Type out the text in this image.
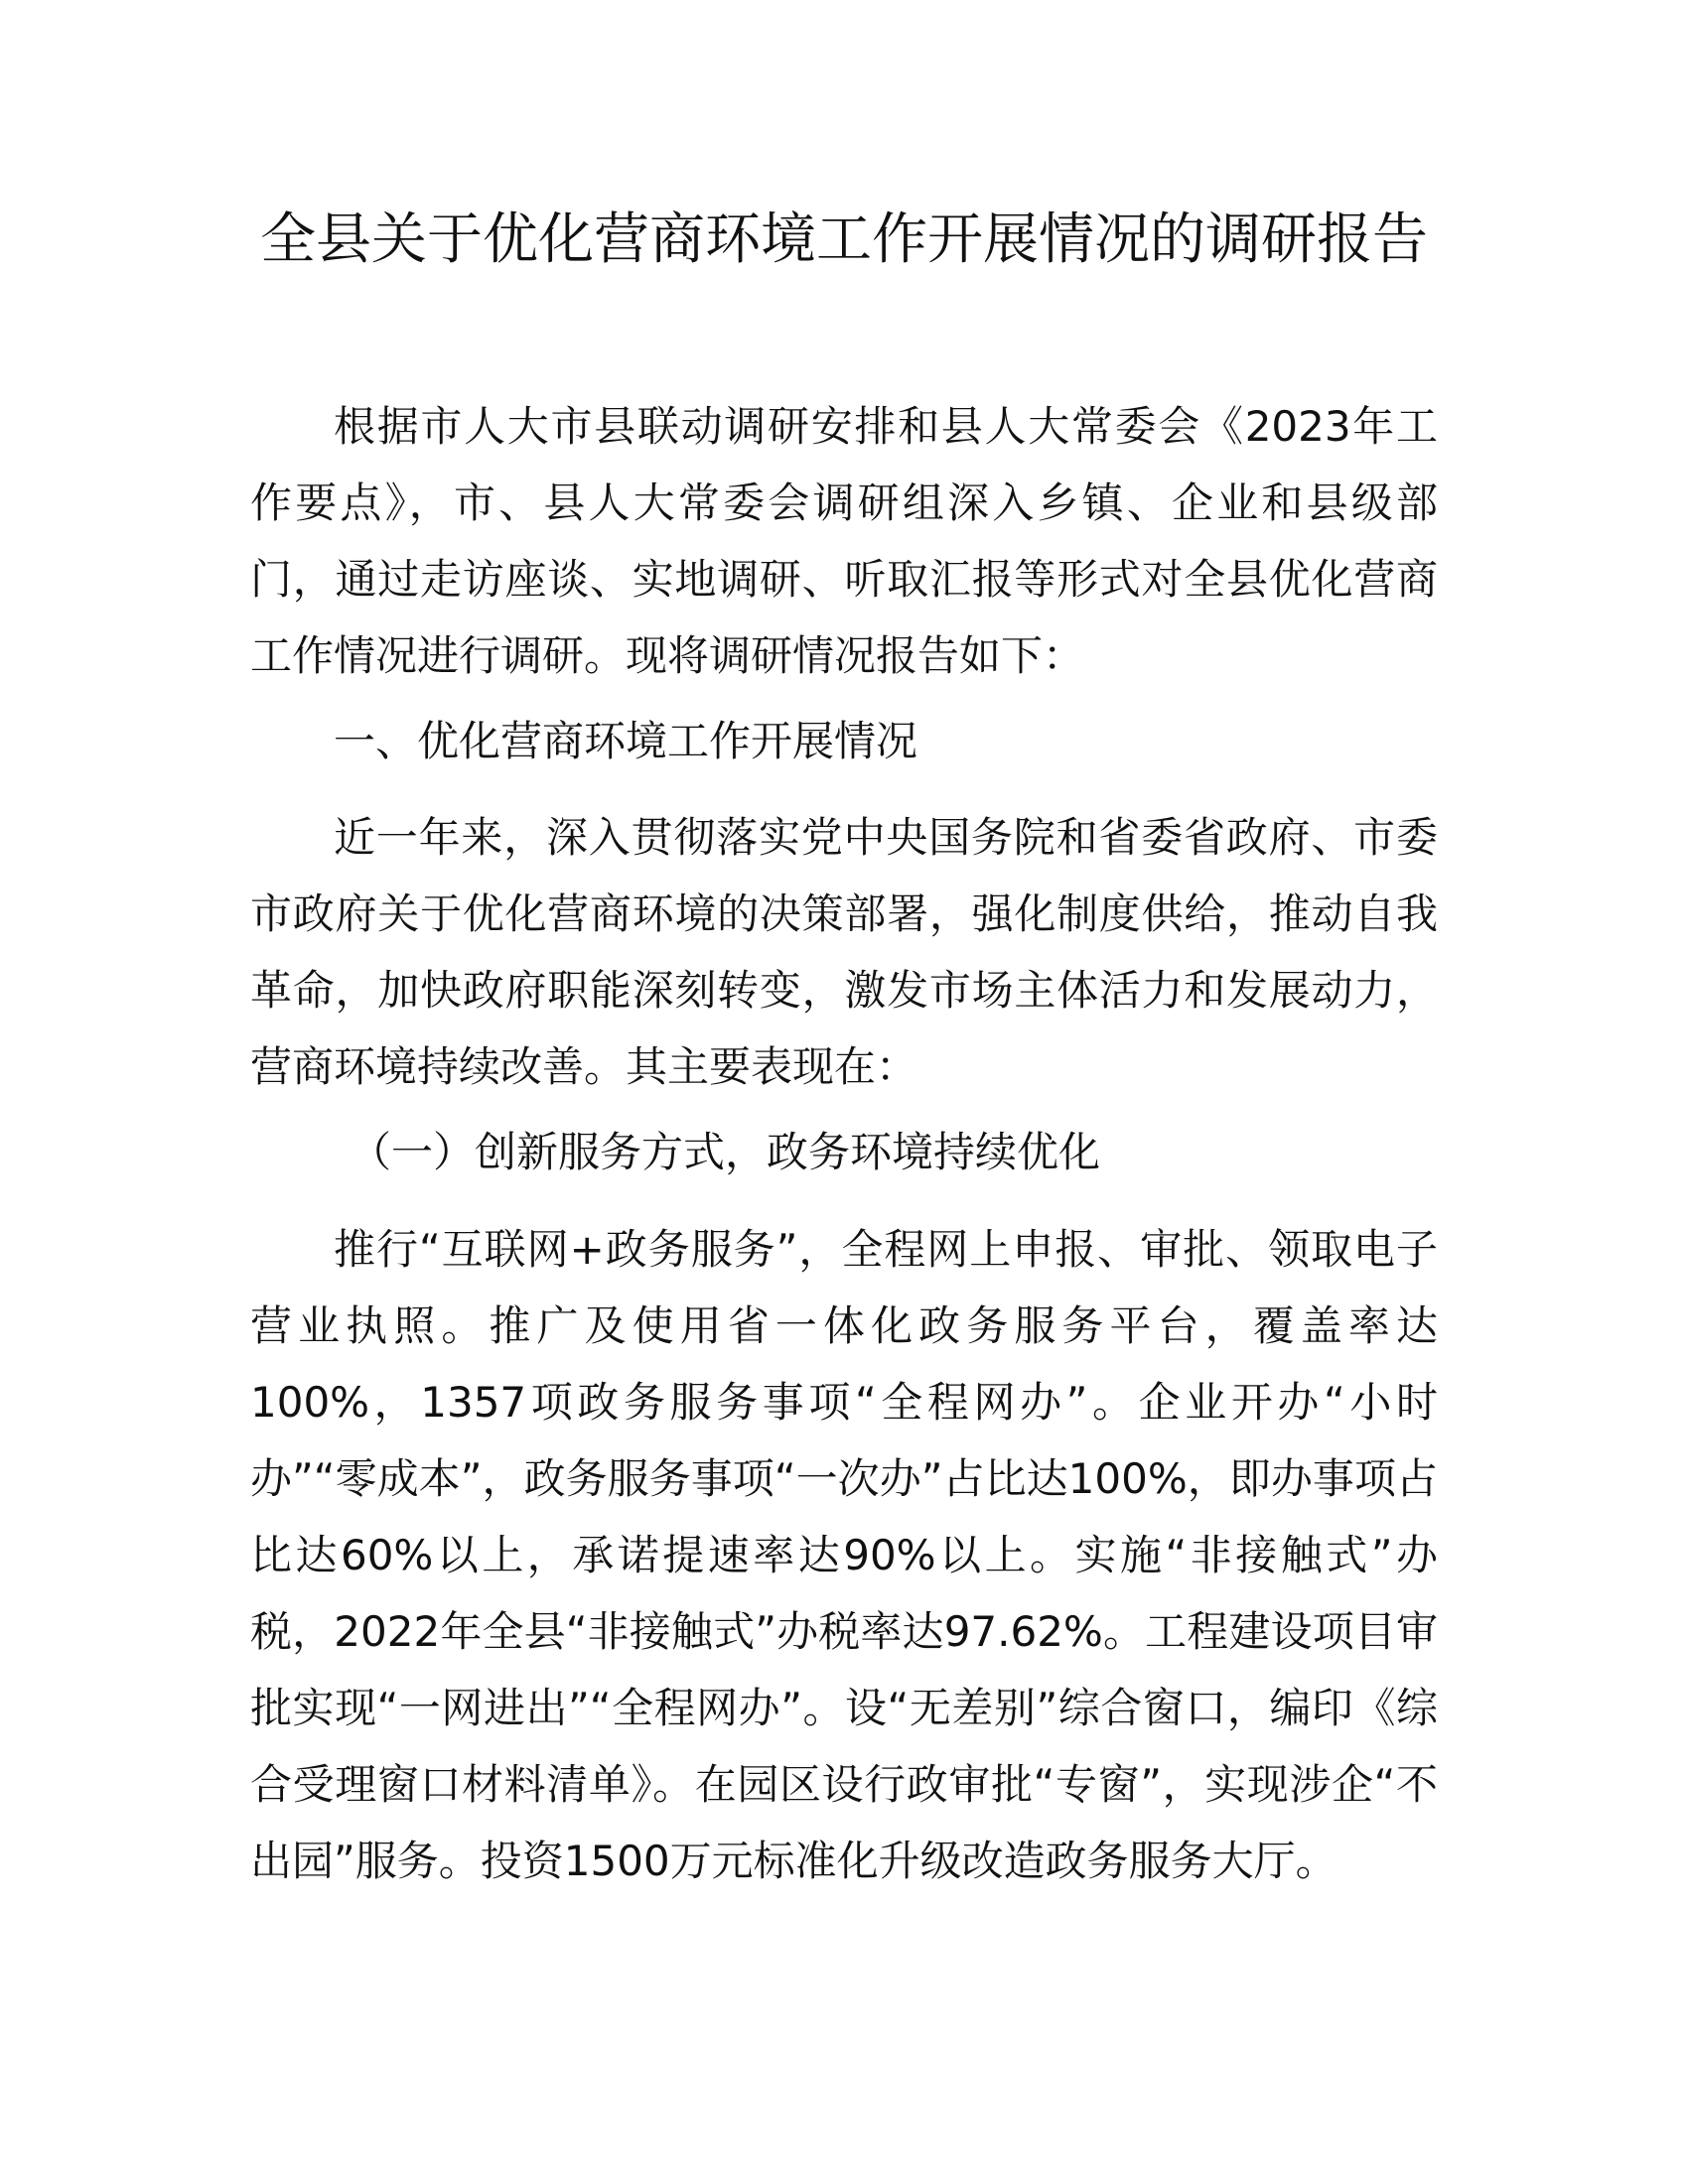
全县关于优化营商环境工作开展情况的调研报告

根据市人大市县联动调研安排和县人大常委会《2023年工作要点》，市、县人大常委会调研组深入乡镇、企业和县级部门，通过走访座谈、实地调研、听取汇报等形式对全县优化营商工作情况进行调研。现将调研情况报告如下：

一、优化营商环境工作开展情况

近一年来，深入贯彻落实党中央国务院和省委省政府、市委市政府关于优化营商环境的决策部署，强化制度供给，推动自我革命，加快政府职能深刻转变，激发市场主体活力和发展动力，营商环境持续改善。其主要表现在：

（一）创新服务方式，政务环境持续优化

推行“互联网+政务服务”，全程网上申报、审批、领取电子营业执照。推广及使用省一体化政务服务平台，覆盖率达100%，1357项政务服务事项“全程网办”。企业开办“小时办”“零成本”，政务服务事项“一次办”占比达100%，即办事项占比达60%以上，承诺提速率达90%以上。实施“非接触式”办税，2022年全县“非接触式”办税率达97.62%。工程建设项目审批实现“一网进出”“全程网办”。设“无差别”综合窗口，编印《综合受理窗口材料清单》。在园区设行政审批“专窗”，实现涉企“不出园”服务。投资1500万元标准化升级改造政务服务大厅。
